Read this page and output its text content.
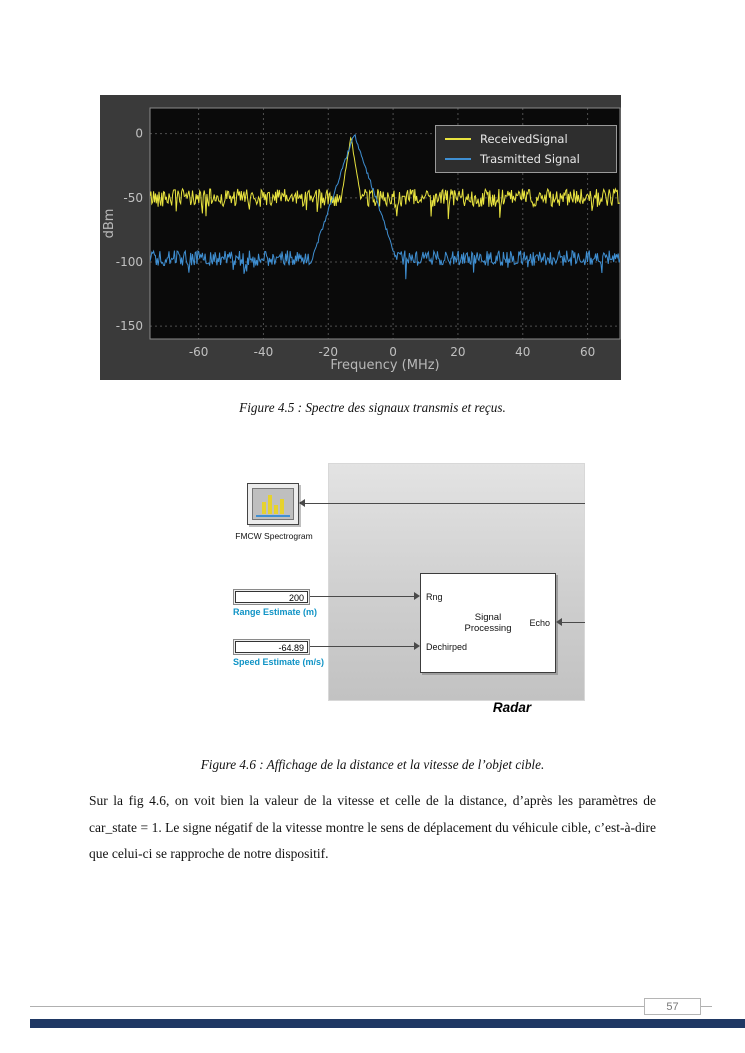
-60	-40	-20	0	20	40	60
0
-50
-100
-150
Frequency (MHz)
dBm
ReceivedSignal
Trasmitted Signal
Figure 4.5 : Spectre des signaux transmis et reçus.
FMCW Spectrogram
200
Range Estimate (m)
-64.89
Speed Estimate (m/s)
Rng
Dechirped
Echo
Signal
Processing
Radar
Figure 4.6 : Affichage de la distance et la vitesse de l’objet cible.

Sur la fig 4.6, on voit bien la valeur de la vitesse et celle de la distance, d’après les paramètres de car_state = 1. Le signe négatif de la vitesse montre le sens de déplacement du véhicule cible, c’est-à-dire que celui-ci se rapproche de notre dispositif.

57
